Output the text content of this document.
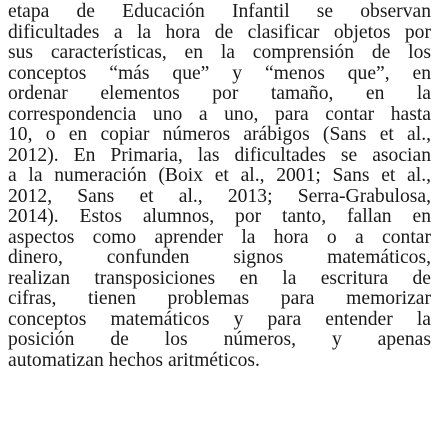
etapa de Educación Infantil se observan
dificultades a la hora de clasificar objetos por
sus características, en la comprensión de los
conceptos “más que” y “menos que”, en
ordenar elementos por tamaño, en la
correspondencia uno a uno, para contar hasta
10, o en copiar números arábigos (Sans et al.,
2012). En Primaria, las dificultades se asocian
a la numeración (Boix et al., 2001; Sans et al.,
2012, Sans et al., 2013; Serra-Grabulosa,
2014). Estos alumnos, por tanto, fallan en
aspectos como aprender la hora o a contar
dinero, confunden signos matemáticos,
realizan transposiciones en la escritura de
cifras, tienen problemas para memorizar
conceptos matemáticos y para entender la
posición de los números, y apenas
automatizan hechos aritméticos.
